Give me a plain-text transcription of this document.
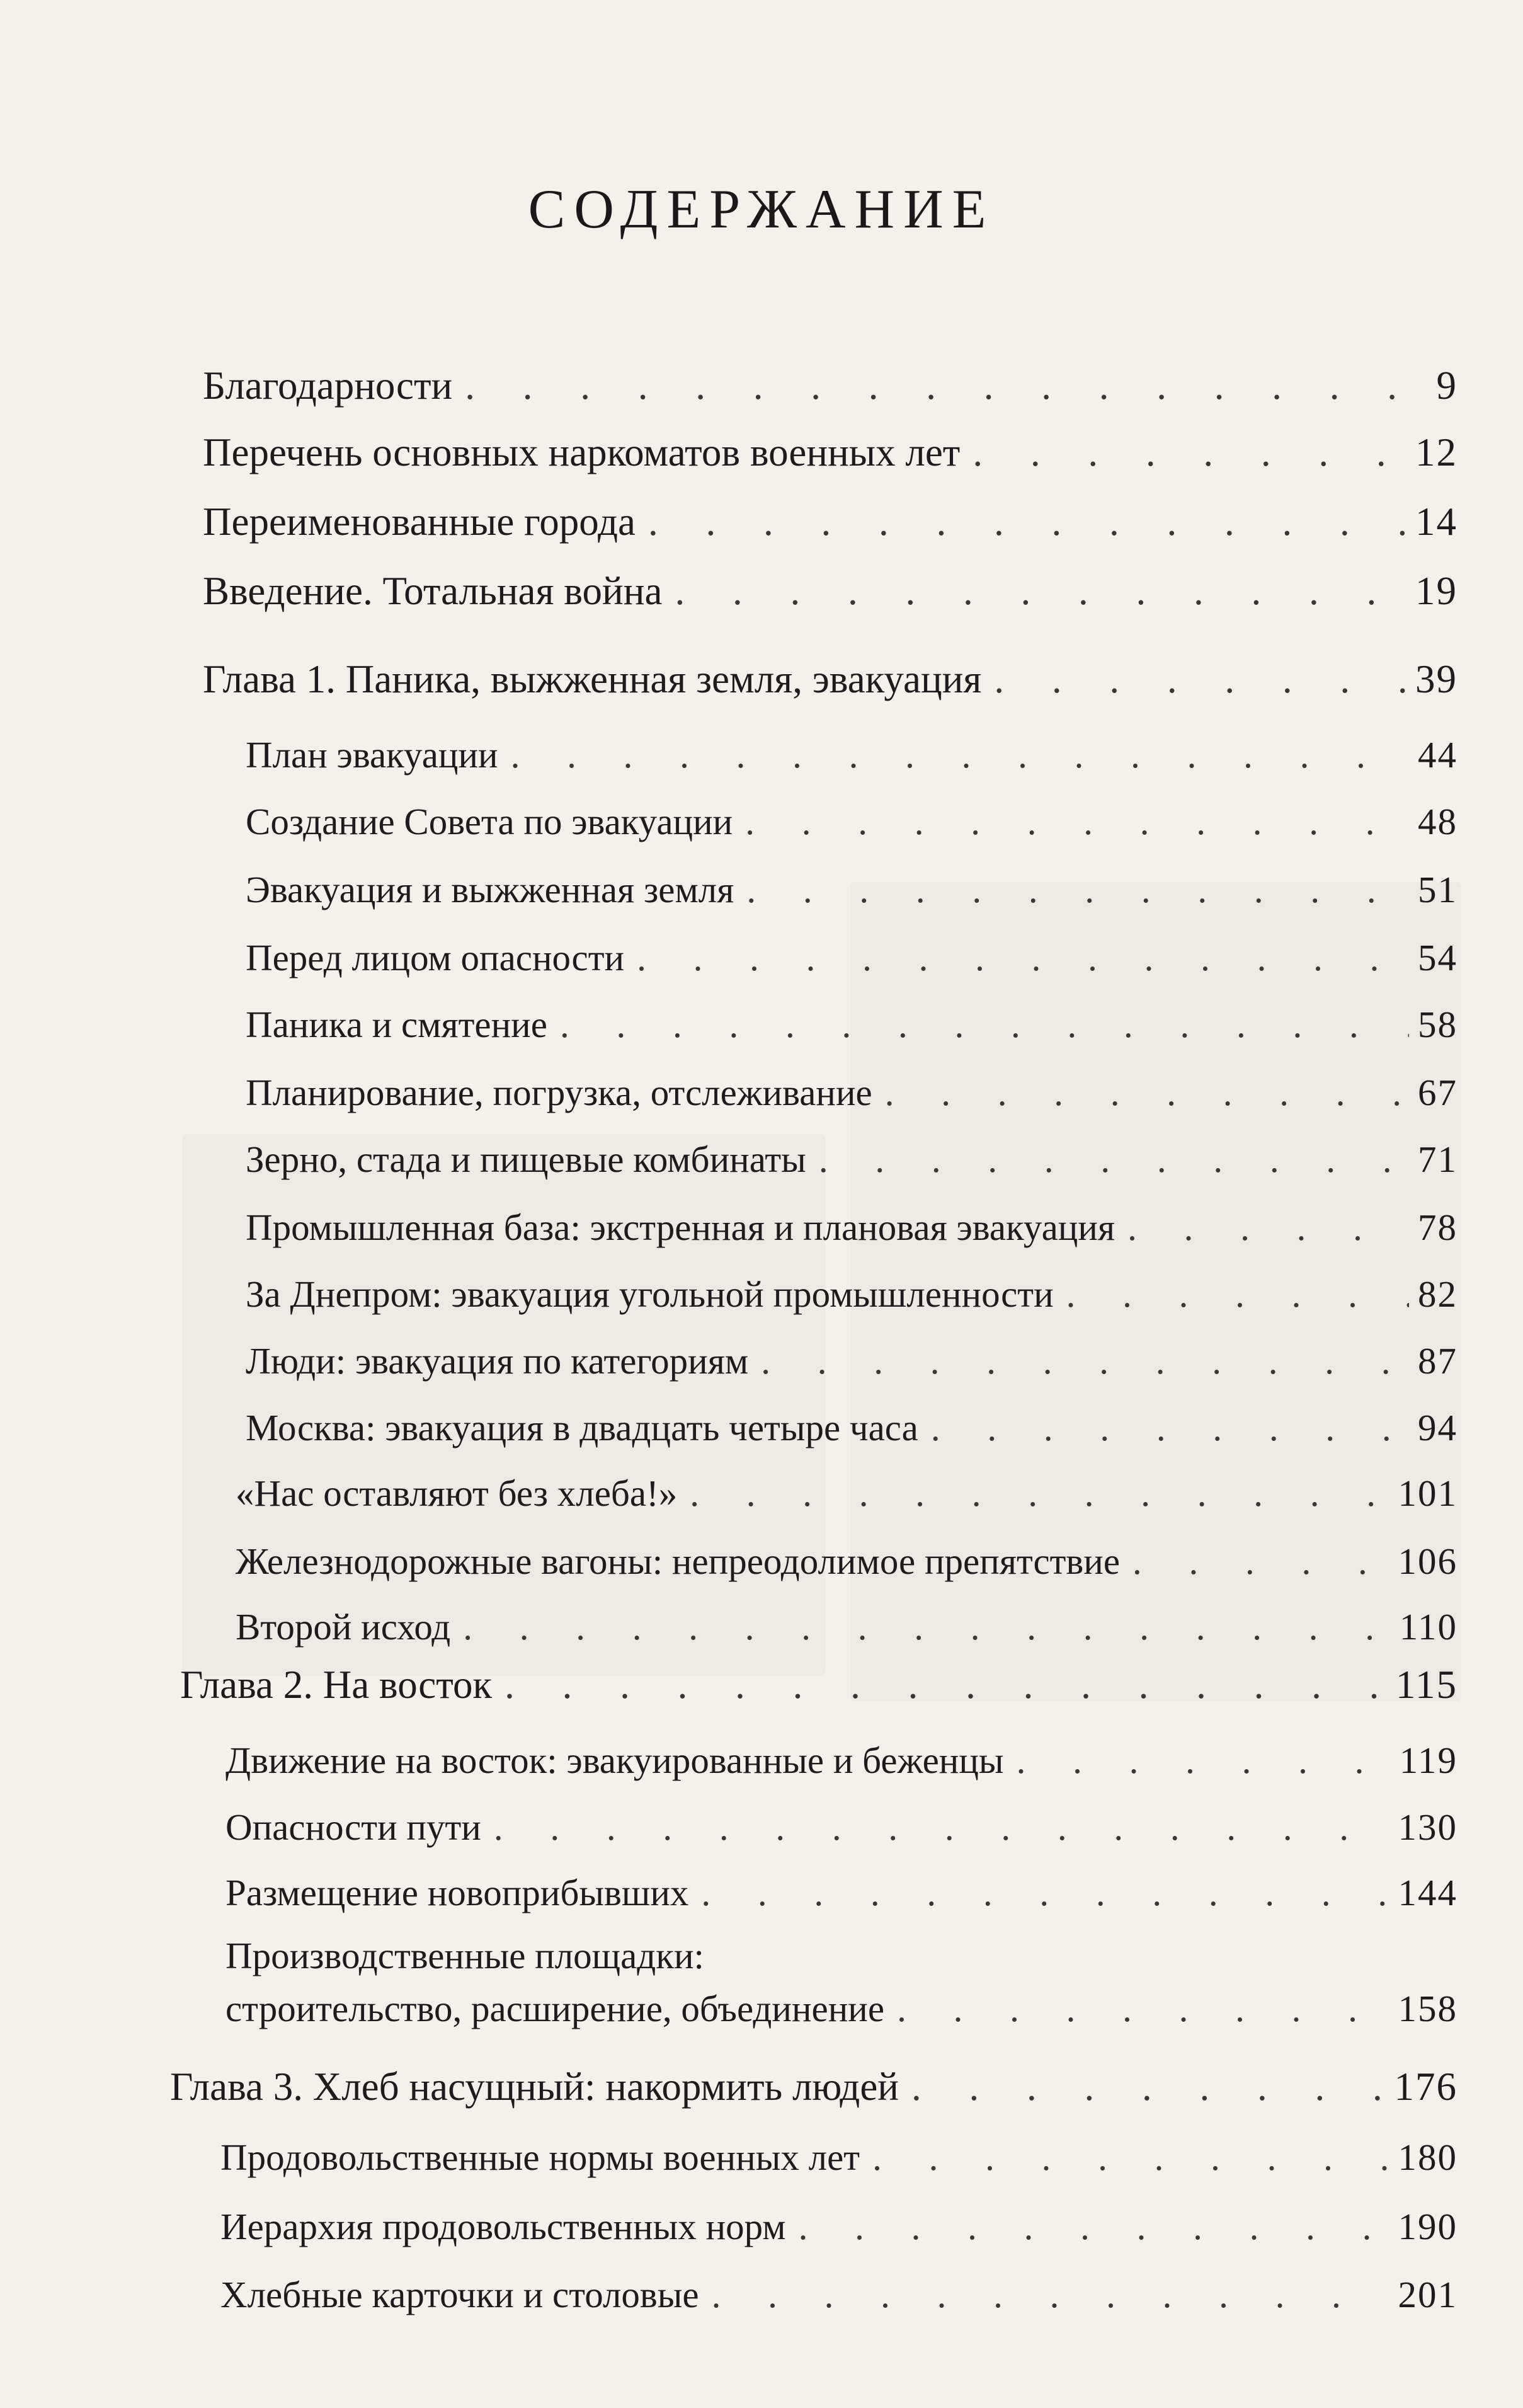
СОДЕРЖАНИЕ
Благодарности . . .	9
Перечень основных наркоматов военных лет . . .	12
Переименованные города . . .	14
Введение. Тотальная война . . .	19
Глава 1. Паника, выжженная земля, эвакуация . . .	39
План эвакуации . . .	44
Создание Совета по эвакуации . . .	48
Эвакуация и выжженная земля . . .	51
Перед лицом опасности . . .	54
Паника и смятение . . .	58
Планирование, погрузка, отслеживание . . .	67
Зерно, стада и пищевые комбинаты . . .	71
Промышленная база: экстренная и плановая эвакуация . . .	78
За Днепром: эвакуация угольной промышленности . . .	82
Люди: эвакуация по категориям . . .	87
Москва: эвакуация в двадцать четыре часа . . .	94
«Нас оставляют без хлеба!» . . .	101
Железнодорожные вагоны: непреодолимое препятствие . . .	106
Второй исход . . .	110
Глава 2. На восток . . .	115
Движение на восток: эвакуированные и беженцы . . .	119
Опасности пути . . .	130
Размещение новоприбывших . . .	144
Производственные площадки:
строительство, расширение, объединение . . .	158
Глава 3. Хлеб насущный: накормить людей . . .	176
Продовольственные нормы военных лет . . .	180
Иерархия продовольственных норм . . .	190
Хлебные карточки и столовые . . .	201
